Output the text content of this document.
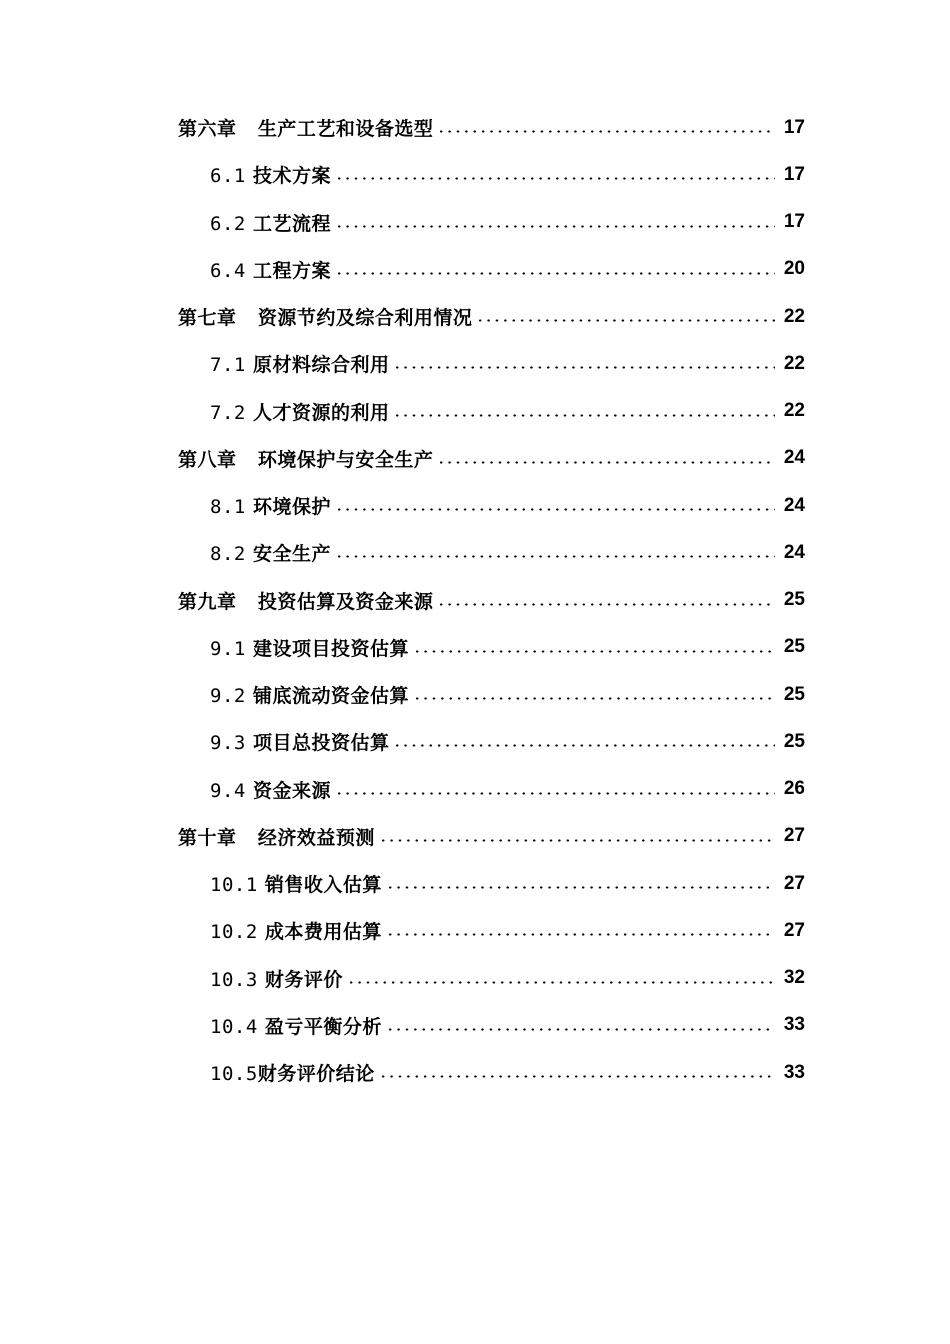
第六章 生产工艺和设备选型	17
6.1 技术方案	17
6.2 工艺流程	17
6.4 工程方案	20
第七章 资源节约及综合利用情况	22
7.1 原材料综合利用	22
7.2 人才资源的利用	22
第八章 环境保护与安全生产	24
8.1 环境保护	24
8.2 安全生产	24
第九章 投资估算及资金来源	25
9.1 建设项目投资估算	25
9.2 铺底流动资金估算	25
9.3 项目总投资估算	25
9.4 资金来源	26
第十章 经济效益预测	27
10.1 销售收入估算	27
10.2 成本费用估算	27
10.3 财务评价	32
10.4 盈亏平衡分析	33
10.5财务评价结论	33
